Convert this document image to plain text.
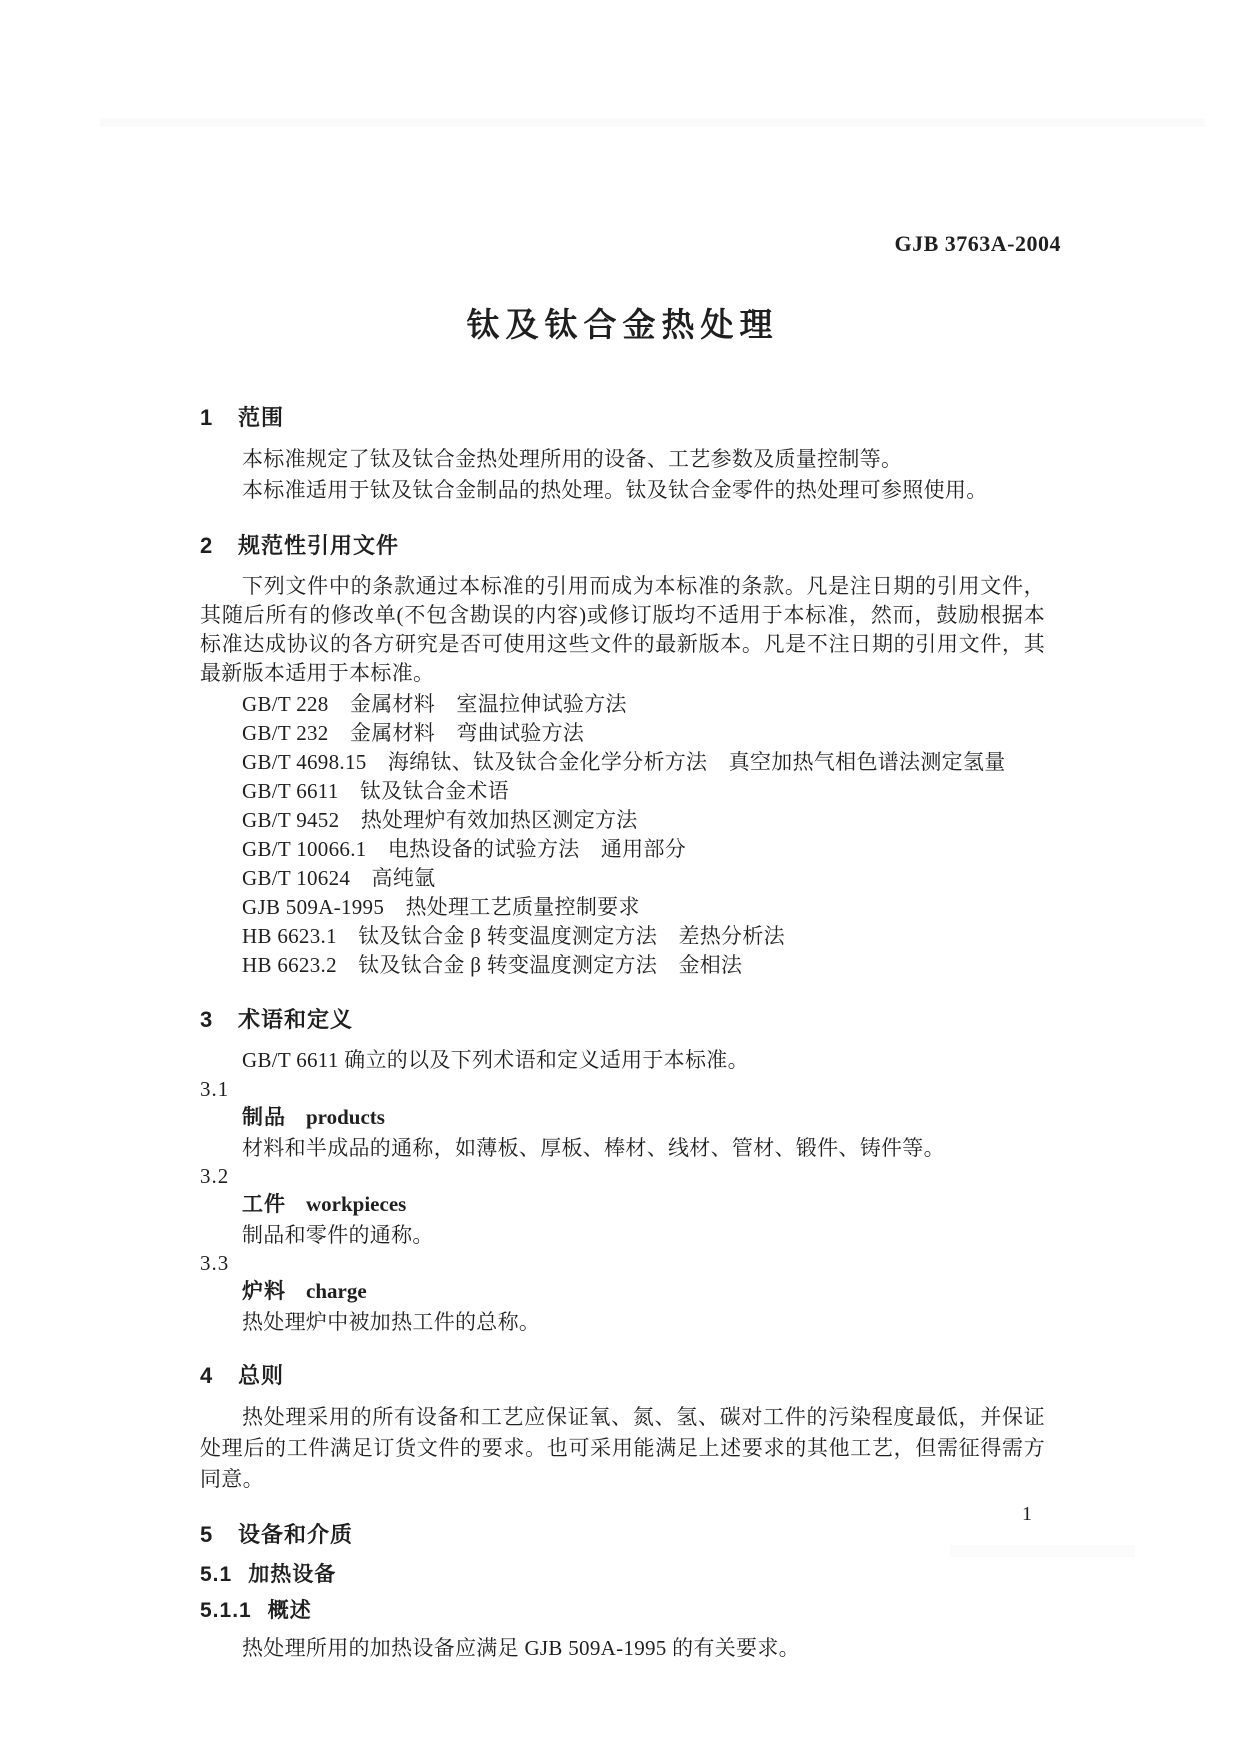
GJB 3763A-2004
钛及钛合金热处理
1 范围
本标准规定了钛及钛合金热处理所用的设备、工艺参数及质量控制等。
本标准适用于钛及钛合金制品的热处理。钛及钛合金零件的热处理可参照使用。
2 规范性引用文件
下列文件中的条款通过本标准的引用而成为本标准的条款。凡是注日期的引用文件，其随后所有的修改单(不包含勘误的内容)或修订版均不适用于本标准，然而，鼓励根据本标准达成协议的各方研究是否可使用这些文件的最新版本。凡是不注日期的引用文件，其最新版本适用于本标准。
GB/T 228　金属材料　室温拉伸试验方法
GB/T 232　金属材料　弯曲试验方法
GB/T 4698.15　海绵钛、钛及钛合金化学分析方法　真空加热气相色谱法测定氢量
GB/T 6611　钛及钛合金术语
GB/T 9452　热处理炉有效加热区测定方法
GB/T 10066.1　电热设备的试验方法　通用部分
GB/T 10624　高纯氩
GJB 509A-1995　热处理工艺质量控制要求
HB 6623.1　钛及钛合金 β 转变温度测定方法　差热分析法
HB 6623.2　钛及钛合金 β 转变温度测定方法　金相法
3 术语和定义
GB/T 6611 确立的以及下列术语和定义适用于本标准。
3.1
制品 products
材料和半成品的通称，如薄板、厚板、棒材、线材、管材、锻件、铸件等。
3.2
工件 workpieces
制品和零件的通称。
3.3
炉料 charge
热处理炉中被加热工件的总称。
4 总则
热处理采用的所有设备和工艺应保证氧、氮、氢、碳对工件的污染程度最低，并保证处理后的工件满足订货文件的要求。也可采用能满足上述要求的其他工艺，但需征得需方同意。
5 设备和介质
5.1 加热设备
5.1.1 概述
热处理所用的加热设备应满足 GJB 509A-1995 的有关要求。
1
